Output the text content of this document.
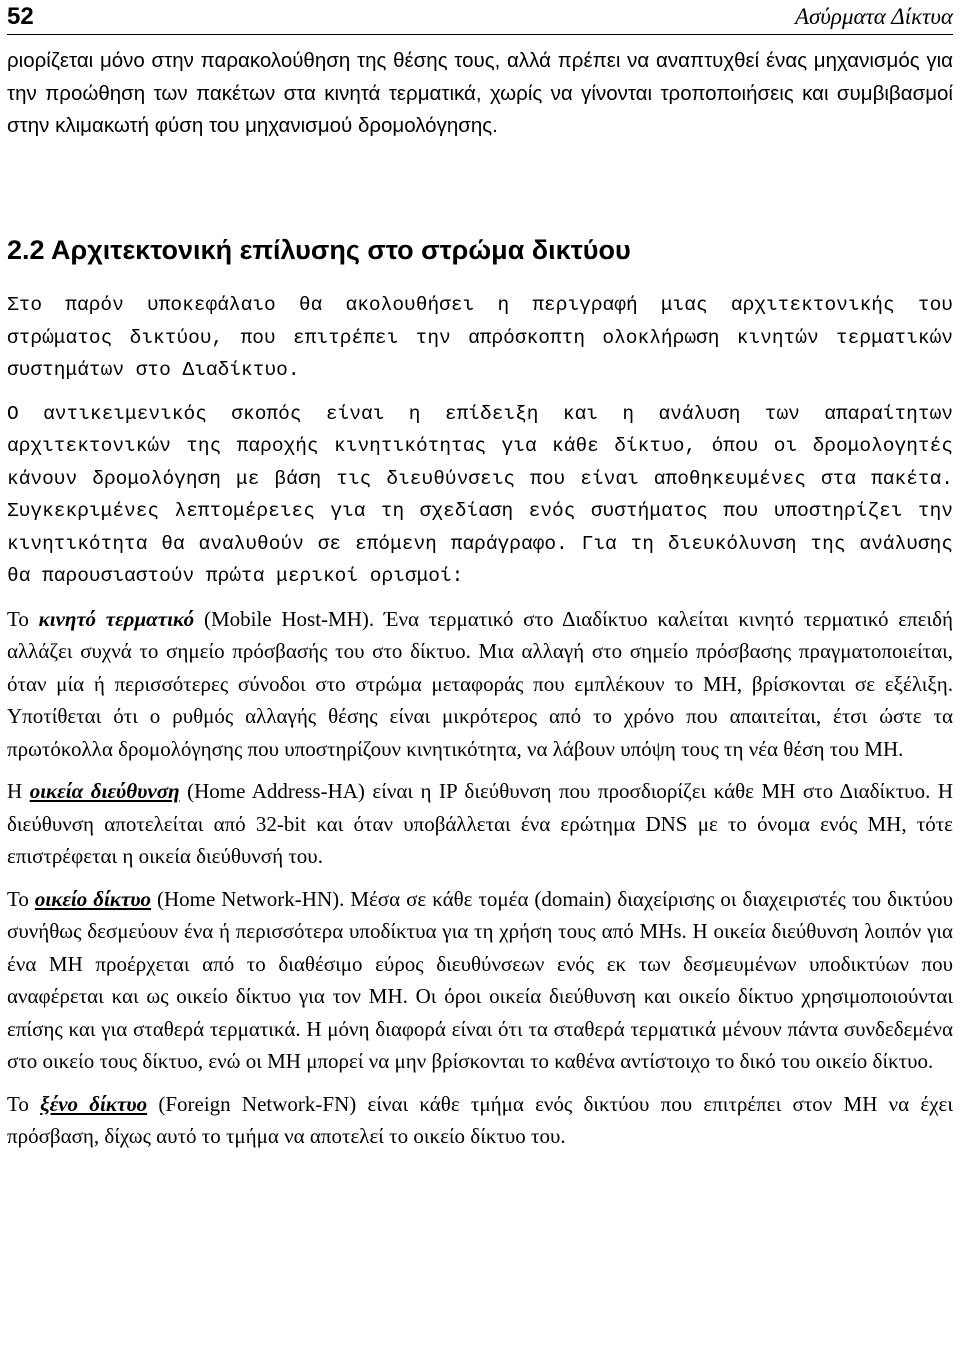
52	Ασύρματα Δίκτυα

ριορίζεται μόνο στην παρακολούθηση της θέσης τους, αλλά πρέπει να αναπτυχθεί ένας μηχανισμός για την προώθηση των πακέτων στα κινητά τερματικά, χωρίς να γίνονται τροποποιήσεις και συμβιβασμοί στην κλιμακωτή φύση του μηχανισμού δρομολόγησης.

2.2 Αρχιτεκτονική επίλυσης στο στρώμα δικτύου

Στο παρόν υποκεφάλαιο θα ακολουθήσει η περιγραφή μιας αρχιτεκτονικής του στρώματος δικτύου, που επιτρέπει την απρόσκοπτη ολοκλήρωση κινητών τερματικών συστημάτων στο Διαδίκτυο.

Ο αντικειμενικός σκοπός είναι η επίδειξη και η ανάλυση των απαραίτητων αρχιτεκτονικών της παροχής κινητικότητας για κάθε δίκτυο, όπου οι δρομολογητές κάνουν δρομολόγηση με βάση τις διευθύνσεις που είναι αποθηκευμένες στα πακέτα. Συγκεκριμένες λεπτομέρειες για τη σχεδίαση ενός συστήματος που υποστηρίζει την κινητικότητα θα αναλυθούν σε επόμενη παράγραφο. Για τη διευκόλυνση της ανάλυσης θα παρουσιαστούν πρώτα μερικοί ορισμοί:

Το κινητό τερματικό (Mobile Host-MH). Ένα τερματικό στο Διαδίκτυο καλείται κινητό τερματικό επειδή αλλάζει συχνά το σημείο πρόσβασής του στο δίκτυο. Μια αλλαγή στο σημείο πρόσβασης πραγματοποιείται, όταν μία ή περισσότερες σύνοδοι στο στρώμα μεταφοράς που εμπλέκουν το ΜΗ, βρίσκονται σε εξέλιξη. Υποτίθεται ότι ο ρυθμός αλλαγής θέσης είναι μικρότερος από το χρόνο που απαιτείται, έτσι ώστε τα πρωτόκολλα δρομολόγησης που υποστηρίζουν κινητικότητα, να λάβουν υπόψη τους τη νέα θέση του ΜΗ.

Η οικεία διεύθυνση (Home Address-HA) είναι η IP διεύθυνση που προσδιορίζει κάθε ΜΗ στο Διαδίκτυο. Η διεύθυνση αποτελείται από 32-bit και όταν υποβάλλεται ένα ερώτημα DNS με το όνομα ενός ΜΗ, τότε επιστρέφεται η οικεία διεύθυνσή του.

Το οικείο δίκτυο (Home Network-HN). Μέσα σε κάθε τομέα (domain) διαχείρισης οι διαχειριστές του δικτύου συνήθως δεσμεύουν ένα ή περισσότερα υποδίκτυα για τη χρήση τους από MHs. Η οικεία διεύθυνση λοιπόν για ένα ΜΗ προέρχεται από το διαθέσιμο εύρος διευθύνσεων ενός εκ των δεσμευμένων υποδικτύων που αναφέρεται και ως οικείο δίκτυο για τον ΜΗ. Οι όροι οικεία διεύθυνση και οικείο δίκτυο χρησιμοποιούνται επίσης και για σταθερά τερματικά. Η μόνη διαφορά είναι ότι τα σταθερά τερματικά μένουν πάντα συνδεδεμένα στο οικείο τους δίκτυο, ενώ οι ΜΗ μπορεί να μην βρίσκονται το καθένα αντίστοιχο το δικό του οικείο δίκτυο.

Το ξένο δίκτυο (Foreign Network-FN) είναι κάθε τμήμα ενός δικτύου που επιτρέπει στον ΜΗ να έχει πρόσβαση, δίχως αυτό το τμήμα να αποτελεί το οικείο δίκτυο του.
